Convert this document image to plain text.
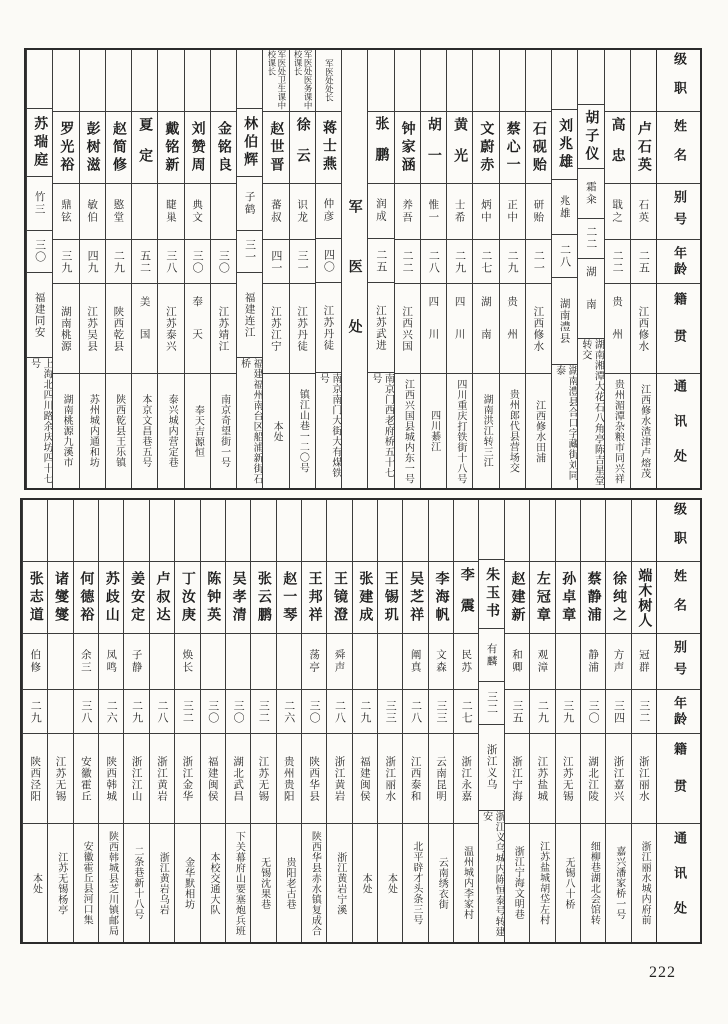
级职
姓名
别号
年龄
籍贯
通讯处
卢石英
石英
二五
江西修水
江西修水渣津卢熔茂
高忠
戢之
二二
贵州
贵州湄潭杂粮市同兴祥
胡子仪
霜籴
二二
湖南
湖南湘潭大花石八角亭陈吉星堂转交
刘兆雄
兆雄
二八
湖南澧县
湖南澧县合口字藏街刘同泰
石砚贻
研贻
二一
江西修水
江西修水田浦
蔡心一
正中
二九
贵州
贵州郎代县营场交
文蔚赤
炳中
二七
湖南
湖南洪江转三江
黄光
士希
二九
四川
四川重庆打铁街十八号
胡一
惟一
二八
四川
四川綦江
钟家涵
养吾
二二
江西兴国
江西兴国县城内东一号
张鹏
润成
二五
江苏武进
南京门西老府桥五十七号
军医处
军医处处长
蒋士燕
仲彦
四〇
江苏丹徒
南京南门大街大有煤铁号
军医处医务课中校课长
徐云
识龙
三一
江苏丹徒
镇江山巷一二〇号
军医处卫生课中校课长
赵世晋
蕃叔
四一
江苏江宁
本处
林伯辉
子鹤
三一
福建连江
福建福州南台区船浦新街石桥
金铭良
三〇
江苏靖江
南京奇望街一号
刘赞周
典文
三〇
奉天
奉天吉源恒
戴铭新
睫巢
三八
江苏泰兴
泰兴城内营定巷
夏定
五二
美国
本京文昌巷五号
赵简修
愍堂
二九
陕西乾县
陕西乾县王乐镇
彭树滋
敏伯
四九
江苏吴县
苏州城内通和坊
罗光裕
鼎铉
三九
湖南桃源
湖南桃源九溪市
苏瑞庭
竹三
三〇
福建同安
上海北四川路余庆坊四十七号
级职
姓名
别号
年龄
籍贯
通讯处
端木树人
冠群
三二
浙江丽水
浙江丽水城内府前
徐纯之
方声
三四
浙江嘉兴
嘉兴潘家桥一号
蔡静浦
静浦
三〇
湖北江陵
细柳巷湖北会馆转
孙卓章
三九
江苏无锡
无锡八十桥
左冠章
观漳
二九
江苏盐城
江苏盐城胡垈左村
赵建新
和卿
三五
浙江宁海
浙江宁海文明巷
朱玉书
有麟
三二
浙江义乌
浙江义乌城内陈恒泰号转建安
李震
民苏
二七
浙江永嘉
温州城内李家村
李海帆
文森
三三
云南昆明
云南绣衣街
吴芝祥
阐真
二八
江西泰和
北平辟才头条三号
王锡玑
三三
浙江丽水
本处
张建成
二九
福建闽侯
本处
王镜澄
舜声
二八
浙江黄岩
浙江黄岩宁溪
王邦祥
荡亭
三〇
陕西华县
陕西华县赤水镇复成合
赵一琴
二六
贵州贵阳
贵阳老古巷
张云鹏
三二
江苏无锡
无锡沈果巷
吴孝清
三〇
湖北武昌
下关幕府山要塞炮兵班
陈钟英
三〇
福建闽侯
本校交通大队
丁汝庚
焕长
三二
浙江金华
金华默相坊
卢叔达
二八
浙江黄岩
浙江黄岩乌岩
姜安定
子静
二九
浙江江山
二条巷新十八号
苏歧山
凤鸣
二六
陕西韩城
陕西韩城县芝川镇邮局
何德裕
余三
三八
安徽霍丘
安徽霍丘县河口集
诸燮燮
江苏无锡
江苏无锡杨亭
张志道
伯修
二九
陕西泾阳
本处
222
